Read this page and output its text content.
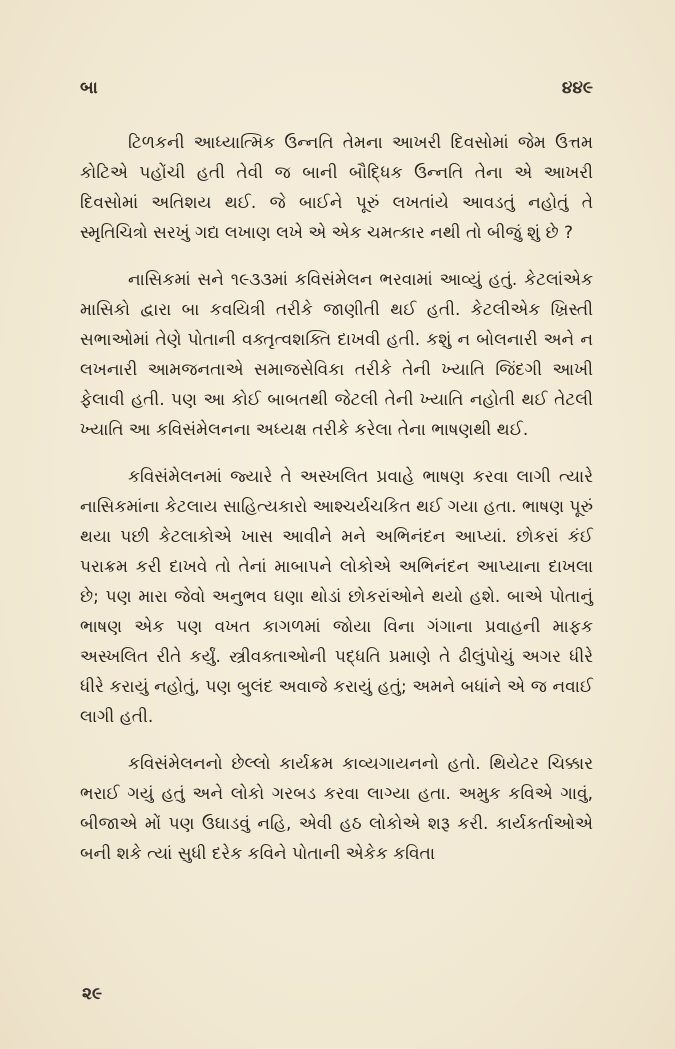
બા	૪૪૯

ટિળકની આધ્યાત્મિક ઉન્નતિ તેમના આખરી દિવસોમાં જેમ ઉત્તમ કોટિએ પહોંચી હતી તેવી જ બાની બૌદ્ધિક ઉન્નતિ તેના એ આખરી દિવસોમાં અતિશય થઈ. જે બાઈને પૂરું લખતાંયે આવડતું નહોતું તે સ્મૃતિચિત્રો સરખું ગદ્ય લખાણ લખે એ એક ચમત્કાર નથી તો બીજું શું છે ?

નાસિકમાં સને ૧૯૩૩માં કવિસંમેલન ભરવામાં આવ્યું હતું. કેટલાંએક માસિકો દ્વારા બા કવયિત્રી તરીકે જાણીતી થઈ હતી. કેટલીએક ખ્રિસ્તી સભાઓમાં તેણે પોતાની વક્તૃત્વશક્તિ દાખવી હતી. કશું ન બોલનારી અને ન લખનારી આમજનતાએ સમાજસેવિકા તરીકે તેની ખ્યાતિ જિંદગી આખી ફેલાવી હતી. પણ આ કોઈ બાબતથી જેટલી તેની ખ્યાતિ નહોતી થઈ તેટલી ખ્યાતિ આ કવિસંમેલનના અધ્યક્ષ તરીકે કરેલા તેના ભાષણથી થઈ.

કવિસંમેલનમાં જ્યારે તે અસ્ખલિત પ્રવાહે ભાષણ કરવા લાગી ત્યારે નાસિકમાંના કેટલાય સાહિત્યકારો આશ્ચર્યચકિત થઈ ગયા હતા. ભાષણ પૂરું થયા પછી કેટલાકોએ ખાસ આવીને મને અભિનંદન આપ્યાં. છોકરાં કંઈ પરાક્રમ કરી દાખવે તો તેનાં માબાપને લોકોએ અભિનંદન આપ્યાના દાખલા છે; પણ મારા જેવો અનુભવ ઘણા થોડાં છોકરાંઓને થયો હશે. બાએ પોતાનું ભાષણ એક પણ વખત કાગળમાં જોયા વિના ગંગાના પ્રવાહની માફક અસ્ખલિત રીતે કર્યું. સ્ત્રીવક્તાઓની પદ્ધતિ પ્રમાણે તે ઢીલુંપોચું અગર ધીરે ધીરે કરાયું નહોતું, પણ બુલંદ અવાજે કરાયું હતું; અમને બધાંને એ જ નવાઈ લાગી હતી.

કવિસંમેલનનો છેલ્લો કાર્યક્રમ કાવ્યગાયનનો હતો. થિયેટર ચિક્કાર ભરાઈ ગયું હતું અને લોકો ગરબડ કરવા લાગ્યા હતા. અમુક કવિએ ગાવું, બીજાએ મોં પણ ઉઘાડવું નહિ, એવી હઠ લોકોએ શરૂ કરી. કાર્યકર્તાઓએ બની શકે ત્યાં સુધી દરેક કવિને પોતાની એકેક કવિતા

૨૯
